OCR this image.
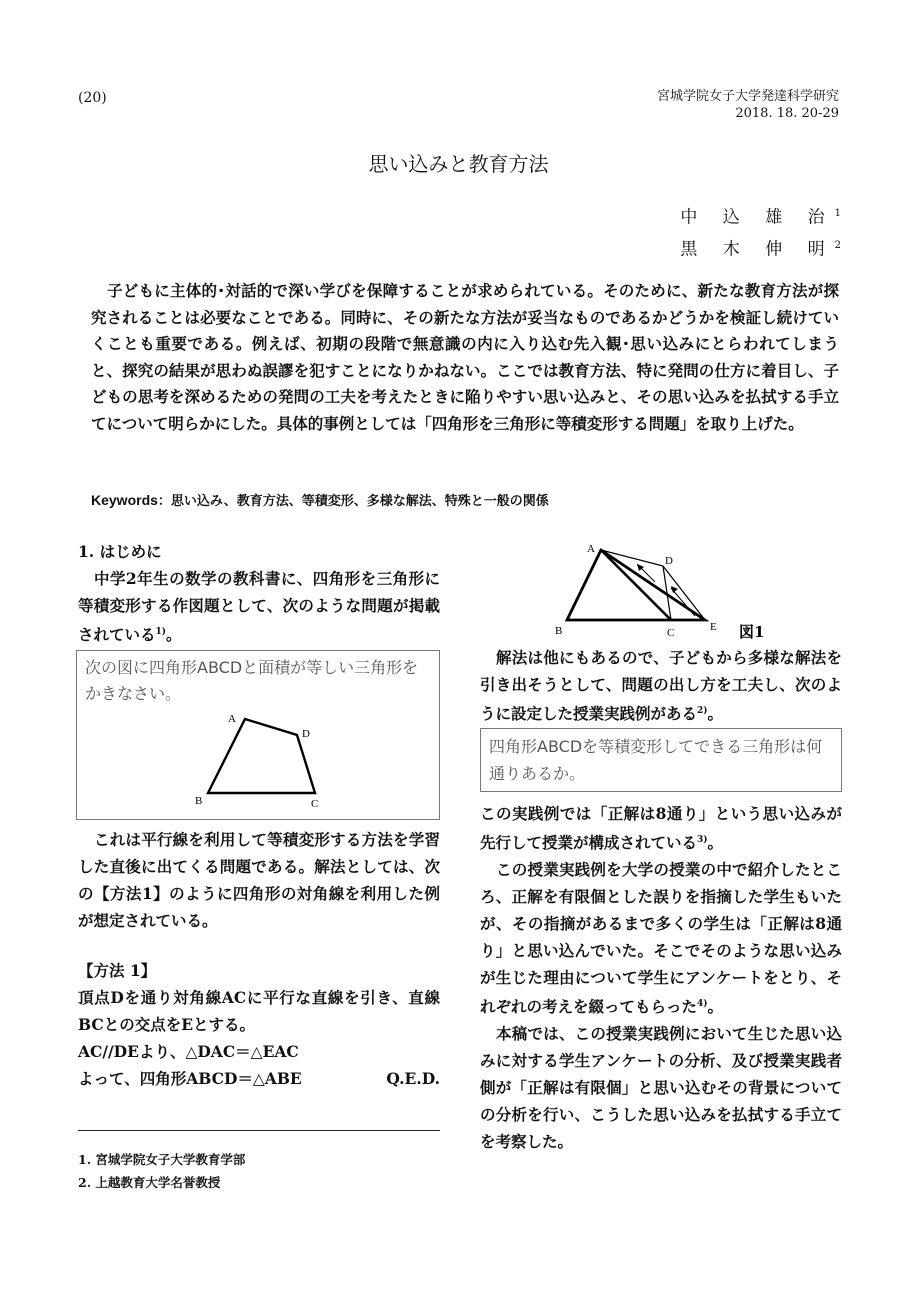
(20)	宮城学院女子大学発達科学研究
2018. 18. 20-29
思い込みと教育方法
中 込 雄 治$^1$
黒 木 伸 明$^2$
子どもに主体的･対話的で深い学びを保障することが求められている。そのために、新たな教育方法が探究されることは必要なことである。同時に、その新たな方法が妥当なものであるかどうかを検証し続けていくことも重要である。例えば、初期の段階で無意識の内に入り込む先入観･思い込みにとらわれてしまうと、探究の結果が思わぬ誤謬を犯すことになりかねない。ここでは教育方法、特に発問の仕方に着目し、子どもの思考を深めるための発問の工夫を考えたときに陥りやすい思い込みと、その思い込みを払拭する手立てについて明らかにした。具体的事例としては「四角形を三角形に等積変形する問題」を取り上げた。
Keywords：思い込み、教育方法、等積変形、多様な解法、特殊と一般の関係

1. はじめに

中学2年生の数学の教科書に、四角形を三角形に等積変形する作図題として、次のような問題が掲載されている$^{1)}$。

次の図に四角形ABCDと面積が等しい三角形をかきなさい。
A
D
B	C

これは平行線を利用して等積変形する方法を学習した直後に出てくる問題である。解法としては、次の【方法1】のように四角形の対角線を利用した例が想定されている。

【方法 1】

頂点Dを通り対角線ACに平行な直線を引き、直線BCとの交点をEとする。

AC//DEより、△DAC＝△EAC

よって、四角形ABCD＝△ABE	Q.E.D.

1. 宮城学院女子大学教育学部
2. 上越教育大学名誉教授
A
D
B	C	E 図1

解法は他にもあるので、子どもから多様な解法を引き出そうとして、問題の出し方を工夫し、次のように設定した授業実践例がある$^{2)}$。

四角形ABCDを等積変形してできる三角形は何通りあるか。

この実践例では「正解は8通り」という思い込みが先行して授業が構成されている$^{3)}$。

この授業実践例を大学の授業の中で紹介したところ、正解を有限個とした誤りを指摘した学生もいたが、その指摘があるまで多くの学生は「正解は8通り」と思い込んでいた。そこでそのような思い込みが生じた理由について学生にアンケートをとり、それぞれの考えを綴ってもらった$^{4)}$。

本稿では、この授業実践例において生じた思い込みに対する学生アンケートの分析、及び授業実践者側が「正解は有限個」と思い込むその背景についての分析を行い、こうした思い込みを払拭する手立てを考察した。
